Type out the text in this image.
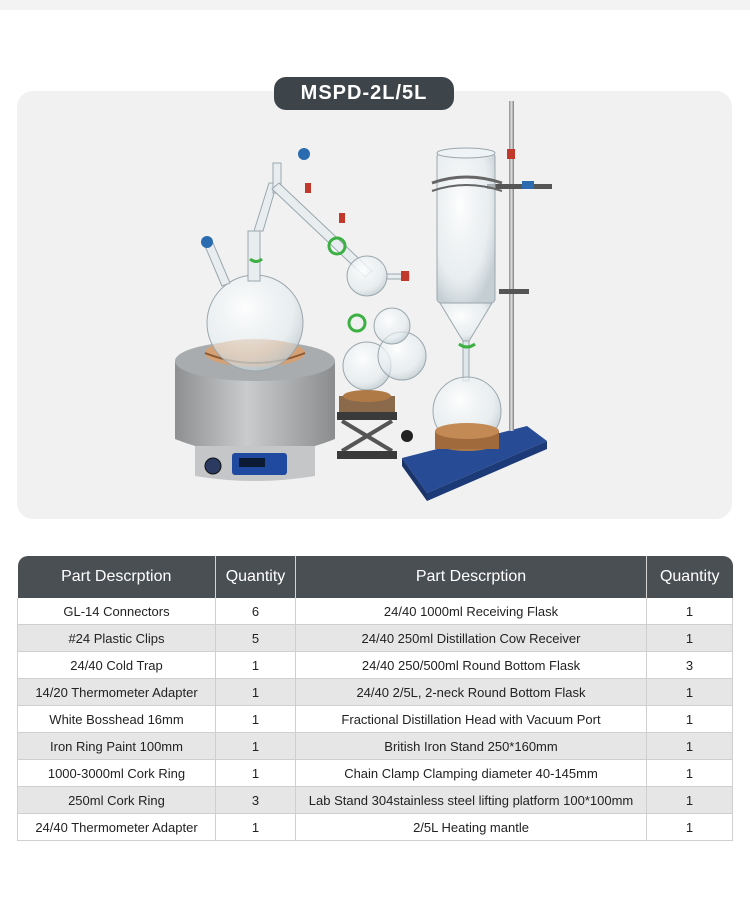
MSPD-2L/5L
Part Descrption	Quantity	Part Descrption	Quantity
GL-14 Connectors	6	24/40 1000ml Receiving Flask	1
#24 Plastic Clips	5	24/40 250ml Distillation Cow Receiver	1
24/40 Cold Trap	1	24/40 250/500ml Round Bottom Flask	3
14/20 Thermometer Adapter	1	24/40 2/5L, 2-neck Round Bottom Flask	1
White Bosshead 16mm	1	Fractional Distillation Head with Vacuum Port	1
Iron Ring Paint 100mm	1	British Iron Stand 250*160mm	1
1000-3000ml Cork Ring	1	Chain Clamp Clamping diameter 40-145mm	1
250ml Cork Ring	3	Lab Stand 304stainless steel lifting platform 100*100mm	1
24/40 Thermometer Adapter	1	2/5L Heating mantle	1
